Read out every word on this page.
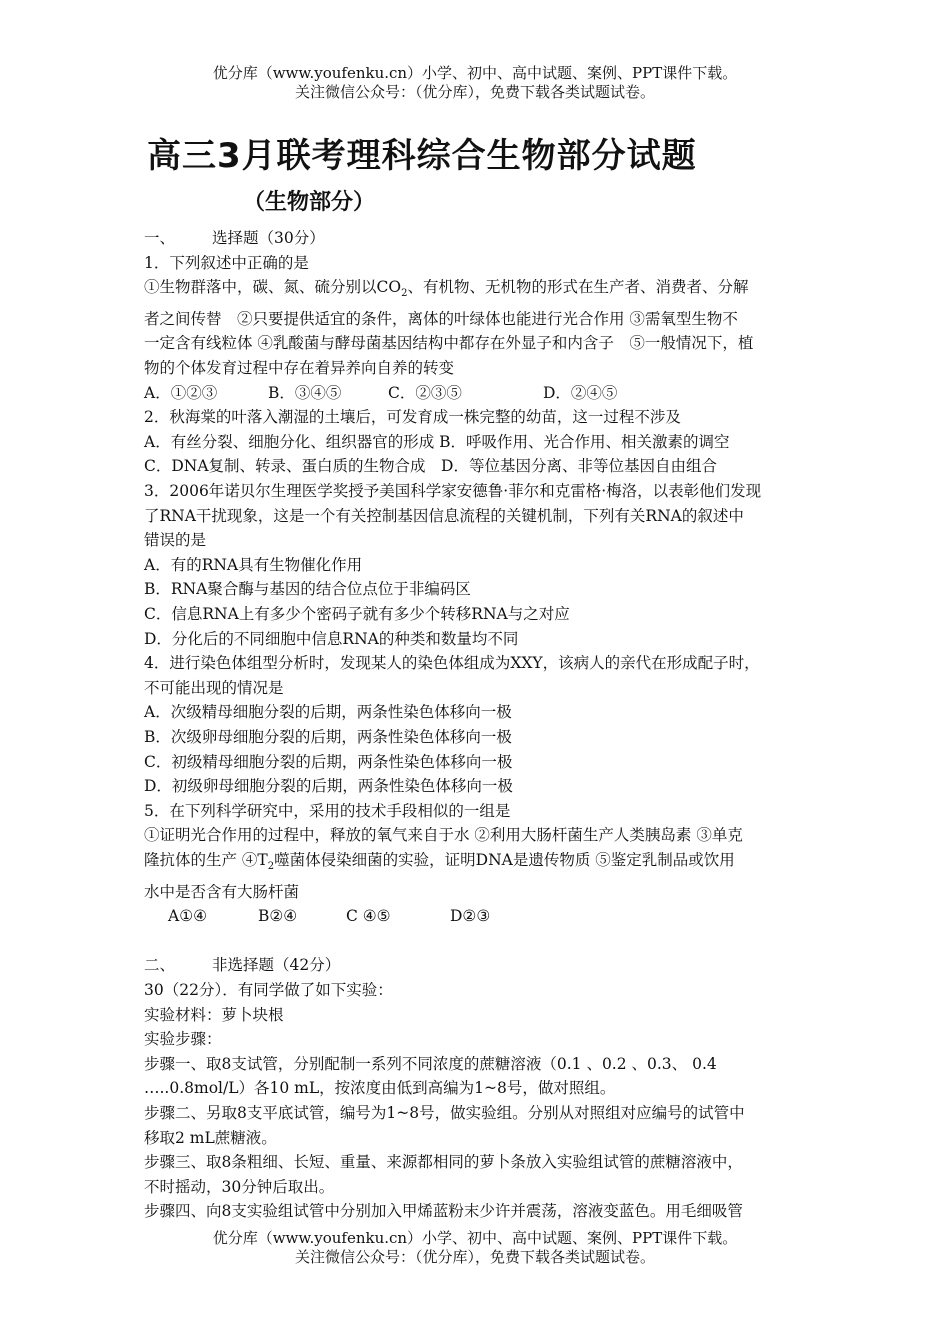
优分库（www.youfenku.cn）小学、初中、高中试题、案例、PPT课件下载。
关注微信公众号：（优分库），免费下载各类试题试卷。
高三3月联考理科综合生物部分试题
（生物部分）
一、 选择题（30分）
1．下列叙述中正确的是
①生物群落中，碳、氮、硫分别以$CO_2$、有机物、无机物的形式在生产者、消费者、分解
者之间传替　②只要提供适宜的条件，离体的叶绿体也能进行光合作用 ③需氧型生物不
一定含有线粒体 ④乳酸菌与酵母菌基因结构中都存在外显子和内含子　⑤一般情况下，植
物的个体发育过程中存在着异养向自养的转变
A．①②③	B．③④⑤	C．②③⑤	D．②④⑤
2．秋海棠的叶落入潮湿的土壤后，可发育成一株完整的幼苗，这一过程不涉及
A．有丝分裂、细胞分化、组织器官的形成 B．呼吸作用、光合作用、相关激素的调空
C．DNA复制、转录、蛋白质的生物合成　D．等位基因分离、非等位基因自由组合
3．2006年诺贝尔生理医学奖授予美国科学家安德鲁·菲尔和克雷格·梅洛，以表彰他们发现
了RNA干扰现象，这是一个有关控制基因信息流程的关键机制，下列有关RNA的叙述中
错误的是
A．有的RNA具有生物催化作用
B．RNA聚合酶与基因的结合位点位于非编码区
C．信息RNA上有多少个密码子就有多少个转移RNA与之对应
D．分化后的不同细胞中信息RNA的种类和数量均不同
4．进行染色体组型分析时，发现某人的染色体组成为XXY，该病人的亲代在形成配子时，
不可能出现的情况是
A．次级精母细胞分裂的后期，两条性染色体移向一极
B．次级卵母细胞分裂的后期，两条性染色体移向一极
C．初级精母细胞分裂的后期，两条性染色体移向一极
D．初级卵母细胞分裂的后期，两条性染色体移向一极
5．在下列科学研究中，采用的技术手段相似的一组是
①证明光合作用的过程中，释放的氧气来自于水 ②利用大肠杆菌生产人类胰岛素 ③单克
隆抗体的生产 $④T_2$噬菌体侵染细菌的实验，证明DNA是遗传物质 ⑤鉴定乳制品或饮用
水中是否含有大肠杆菌
A①④	B②④	C ④⑤	D②③
二、 非选择题（42分）
30（22分）．有同学做了如下实验：
实验材料：萝卜块根
实验步骤：
步骤一、取8支试管，分别配制一系列不同浓度的蔗糖溶液（0.1 、0.2 、0.3、 0.4
…..0.8mol/L）各10 mL，按浓度由低到高编为1~8号，做对照组。
步骤二、另取8支平底试管，编号为1~8号，做实验组。分别从对照组对应编号的试管中
移取2 mL蔗糖液。
步骤三、取8条粗细、长短、重量、来源都相同的萝卜条放入实验组试管的蔗糖溶液中，
不时摇动，30分钟后取出。
步骤四、向8支实验组试管中分别加入甲烯蓝粉末少许并震荡，溶液变蓝色。用毛细吸管
优分库（www.youfenku.cn）小学、初中、高中试题、案例、PPT课件下载。
关注微信公众号：（优分库），免费下载各类试题试卷。
